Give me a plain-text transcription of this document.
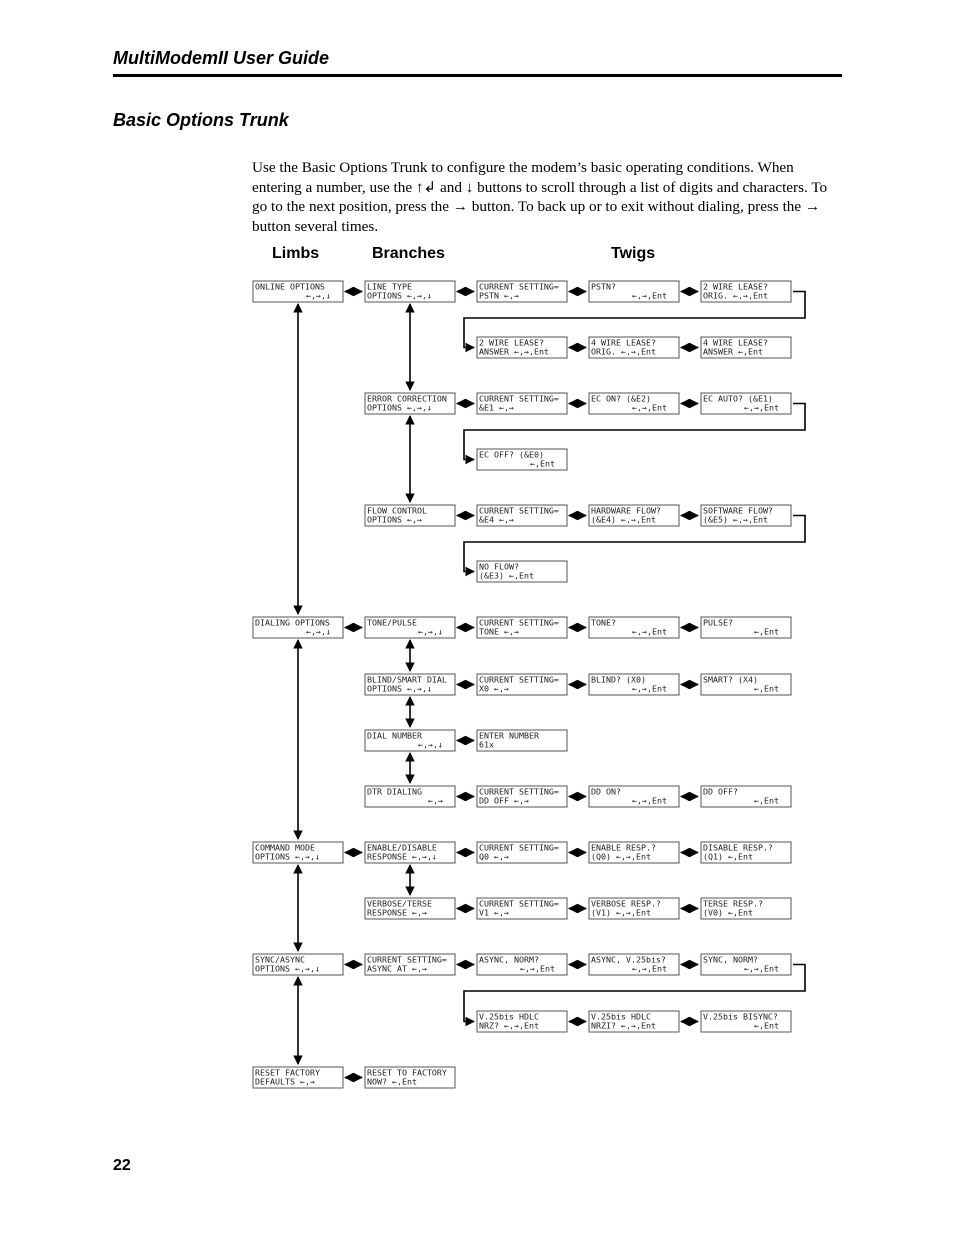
MultiModemII User Guide
Basic Options Trunk

Use the Basic Options Trunk to configure the modem’s basic operating conditions. When entering a number, use the ↑↲ and ↓ buttons to scroll through a list of digits and characters. To go to the next position, press the → button. To back up or to exit without dialing, press the → button several times.

Limbs	Branches	Twigs
ONLINE OPTIONS
←,→,↓
LINE TYPE
OPTIONS ←,→,↓
CURRENT SETTING=
PSTN ←,→
PSTN?
←,→,Ent
2 WIRE LEASE?
ORIG. ←,→,Ent
2 WIRE LEASE?
ANSWER ←,→,Ent
4 WIRE LEASE?
ORIG. ←,→,Ent
4 WIRE LEASE?
ANSWER ←,Ent
ERROR CORRECTION
OPTIONS ←,→,↓
CURRENT SETTING=
&E1 ←,→
EC ON? (&E2)
←,→,Ent
EC AUTO? (&E1)
←,→,Ent
EC OFF? (&E0)
←,Ent
FLOW CONTROL
OPTIONS ←,→
CURRENT SETTING=
&E4 ←,→
HARDWARE FLOW?
(&E4) ←,→,Ent
SOFTWARE FLOW?
(&E5) ←,→,Ent
NO FLOW?
(&E3) ←,Ent
DIALING OPTIONS
←,→,↓
TONE/PULSE
←,→,↓
CURRENT SETTING=
TONE ←,→
TONE?
←,→,Ent
PULSE?
←,Ent
BLIND/SMART DIAL
OPTIONS ←,→,↓
CURRENT SETTING=
X0 ←,→
BLIND? (X0)
←,→,Ent
SMART? (X4)
←,Ent
DIAL NUMBER
←,→,↓
ENTER NUMBER
61x
DTR DIALING
←,→
CURRENT SETTING=
DD OFF ←,→
DD ON?
←,→,Ent
DD OFF?
←,Ent
COMMAND MODE
OPTIONS ←,→,↓
ENABLE/DISABLE
RESPONSE ←,→,↓
CURRENT SETTING=
Q0 ←,→
ENABLE RESP.?
(Q0) ←,→,Ent
DISABLE RESP.?
(Q1) ←,Ent
VERBOSE/TERSE
RESPONSE ←,→
CURRENT SETTING=
V1 ←,→
VERBOSE RESP.?
(V1) ←,→,Ent
TERSE RESP.?
(V0) ←,Ent
SYNC/ASYNC
OPTIONS ←,→,↓
CURRENT SETTING=
ASYNC AT ←,→
ASYNC, NORM?
←,→,Ent
ASYNC, V.25bis?
←,→,Ent
SYNC, NORM?
←,→,Ent
V.25bis HDLC
NRZ? ←,→,Ent
V.25bis HDLC
NRZI? ←,→,Ent
V.25bis BISYNC?
←,Ent
RESET FACTORY
DEFAULTS ←,→
RESET TO FACTORY
NOW? ←,Ent
22
